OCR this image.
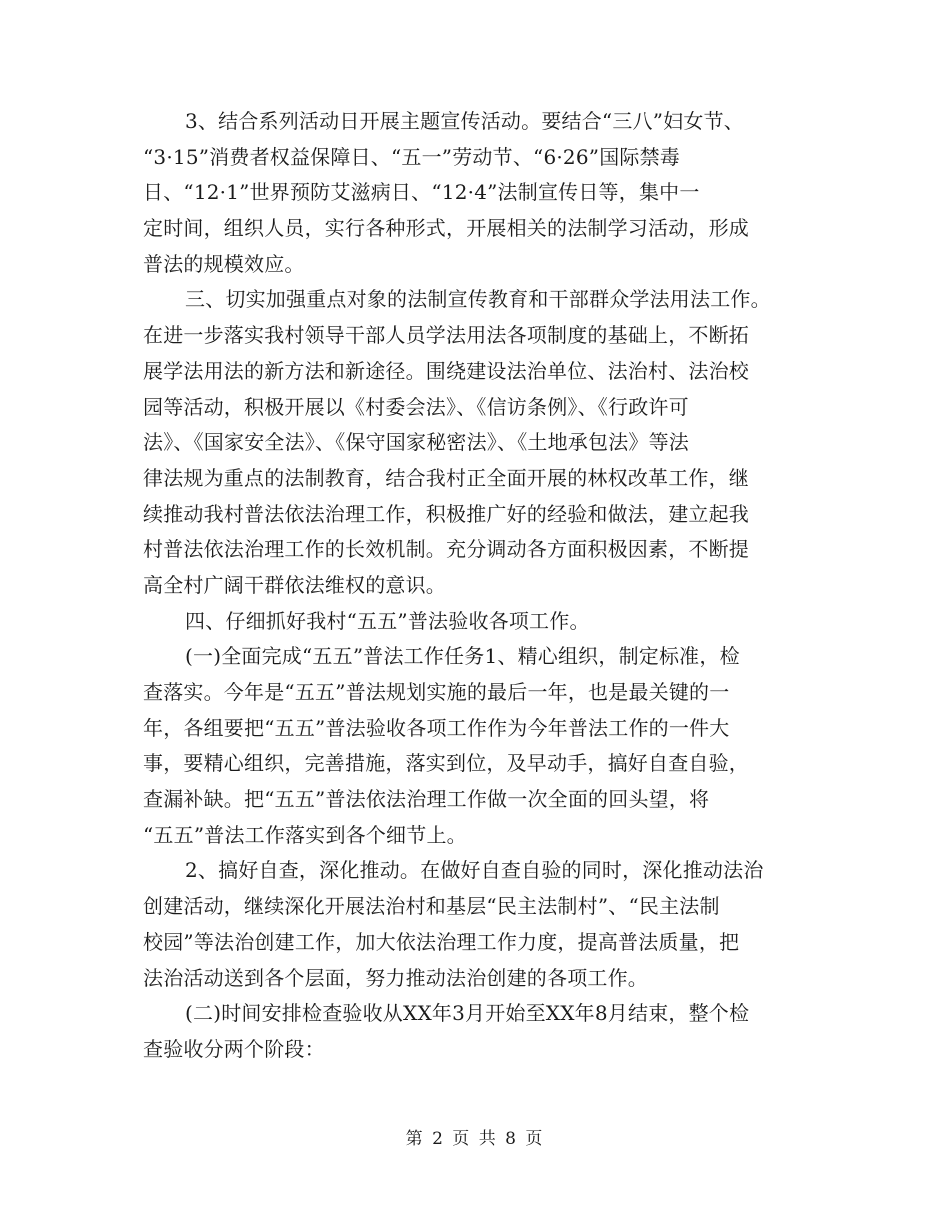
3、结合系列活动日开展主题宣传活动。要结合“三八”妇女节、
“3·15”消费者权益保障日、“五一”劳动节、“6·26”国际禁毒
日、“12·1”世界预防艾滋病日、“12·4”法制宣传日等，集中一
定时间，组织人员，实行各种形式，开展相关的法制学习活动，形成
普法的规模效应。
三、切实加强重点对象的法制宣传教育和干部群众学法用法工作。
在进一步落实我村领导干部人员学法用法各项制度的基础上，不断拓
展学法用法的新方法和新途径。围绕建设法治单位、法治村、法治校
园等活动，积极开展以《村委会法》、《信访条例》、《行政许可
法》、《国家安全法》、《保守国家秘密法》、《土地承包法》等法
律法规为重点的法制教育，结合我村正全面开展的林权改革工作，继
续推动我村普法依法治理工作，积极推广好的经验和做法，建立起我
村普法依法治理工作的长效机制。充分调动各方面积极因素，不断提
高全村广阔干群依法维权的意识。
四、仔细抓好我村“五五”普法验收各项工作。
(一)全面完成“五五”普法工作任务1、精心组织，制定标准，检
查落实。今年是“五五”普法规划实施的最后一年，也是最关键的一
年，各组要把“五五”普法验收各项工作作为今年普法工作的一件大
事，要精心组织，完善措施，落实到位，及早动手，搞好自查自验，
查漏补缺。把“五五”普法依法治理工作做一次全面的回头望，将
“五五”普法工作落实到各个细节上。
2、搞好自查，深化推动。在做好自查自验的同时，深化推动法治
创建活动，继续深化开展法治村和基层“民主法制村”、“民主法制
校园”等法治创建工作，加大依法治理工作力度，提高普法质量，把
法治活动送到各个层面，努力推动法治创建的各项工作。
(二)时间安排检查验收从XX年3月开始至XX年8月结束，整个检
查验收分两个阶段：
第 2 页 共 8 页
